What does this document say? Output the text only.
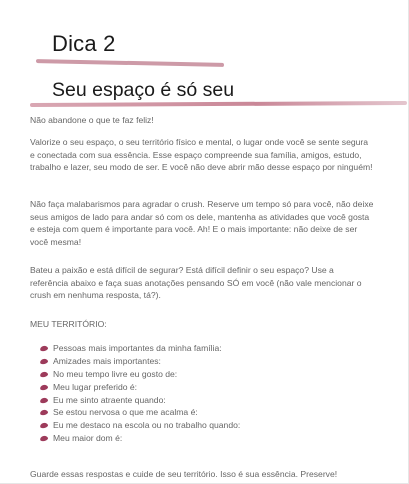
Dica 2
Seu espaço é só seu

Não abandone o que te faz feliz!

Valorize o seu espaço, o seu território físico e mental, o lugar onde você se sente segura e conectada com sua essência. Esse espaço compreende sua família, amigos, estudo, trabalho e lazer, seu modo de ser. E você não deve abrir mão desse espaço por ninguém!

Não faça malabarismos para agradar o crush. Reserve um tempo só para você, não deixe seus amigos de lado para andar só com os dele, mantenha as atividades que você gosta e esteja com quem é importante para você. Ah! E o mais importante: não deixe de ser você mesma!

Bateu a paixão e está difícil de segurar? Está difícil definir o seu espaço? Use a referência abaixo e faça suas anotações pensando SÓ em você (não vale mencionar o crush em nenhuma resposta, tá?).

MEU TERRITÓRIO:

Pessoas mais importantes da minha família:
Amizades mais importantes:
No meu tempo livre eu gosto de:
Meu lugar preferido é:
Eu me sinto atraente quando:
Se estou nervosa o que me acalma é:
Eu me destaco na escola ou no trabalho quando:
Meu maior dom é:

Guarde essas respostas e cuide de seu território. Isso é sua essência. Preserve!
